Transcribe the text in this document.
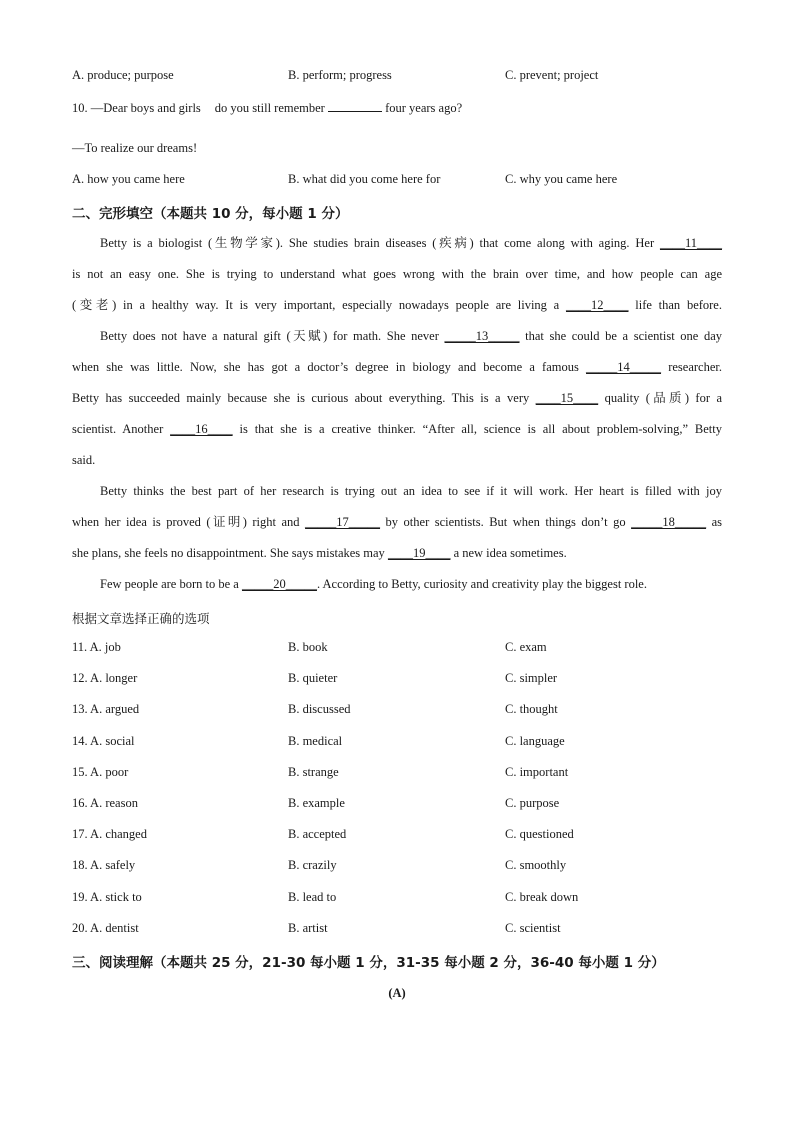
A. produce; purpose	B. perform; progress	C. prevent; project
10. —Dear boys and girls do you still remember	four years ago?
—To realize our dreams!
A. how you came here	B. what did you come here for	C. why you came here
二、完形填空（本题共 10 分，每小题 1 分）
Betty is a biologist (生物学家). She studies brain diseases (疾病) that come along with aging. Her ____11____
is not an easy one. She is trying to understand what goes wrong with the brain over time, and how people can age
(变老) in a healthy way. It is very important, especially nowadays people are living a ____12____ life than before.
Betty does not have a natural gift (天赋) for math. She never _____13_____ that she could be a scientist one day
when she was little. Now, she has got a doctor’s degree in biology and become a famous _____14_____ researcher.
Betty has succeeded mainly because she is curious about everything. This is a very ____15____ quality (品质) for a
scientist. Another ____16____ is that she is a creative thinker. “After all, science is all about problem-solving,” Betty
said.
Betty thinks the best part of her research is trying out an idea to see if it will work. Her heart is filled with joy
when her idea is proved (证明) right and _____17_____ by other scientists. But when things don’t go _____18_____ as
she plans, she feels no disappointment. She says mistakes may ____19____ a new idea sometimes.
Few people are born to be a _____20_____. According to Betty, curiosity and creativity play the biggest role.
根据文章选择正确的选项
11. A. job	B. book	C. exam
12. A. longer	B. quieter	C. simpler
13. A. argued	B. discussed	C. thought
14. A. social	B. medical	C. language
15. A. poor	B. strange	C. important
16. A. reason	B. example	C. purpose
17. A. changed	B. accepted	C. questioned
18. A. safely	B. crazily	C. smoothly
19. A. stick to	B. lead to	C. break down
20. A. dentist	B. artist	C. scientist
三、阅读理解（本题共 25 分，21-30 每小题 1 分，31-35 每小题 2 分，36-40 每小题 1 分）
(A)
